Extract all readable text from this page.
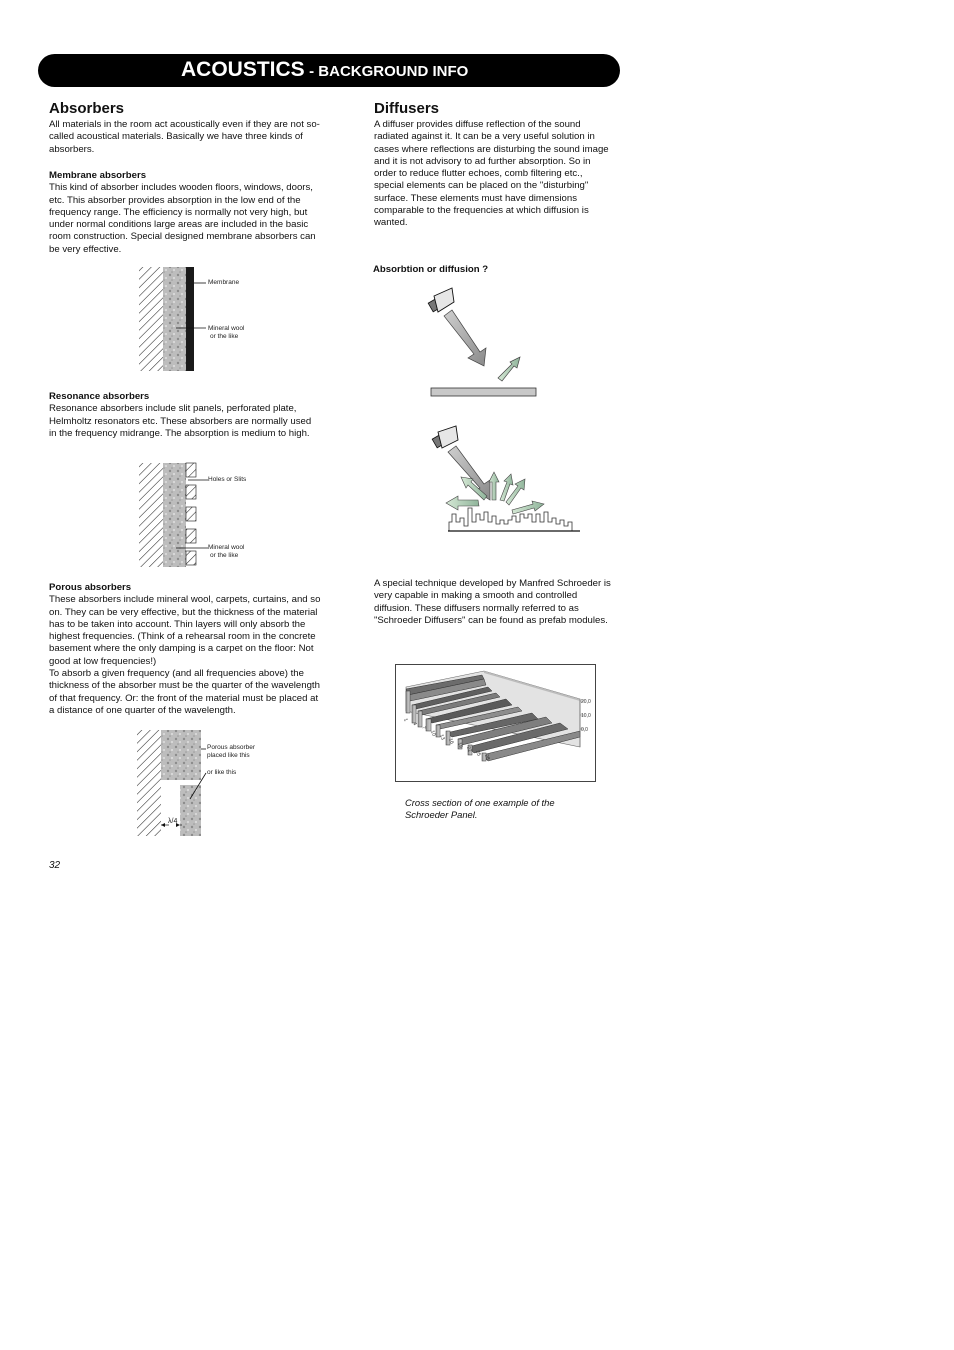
ACOUSTICS - BACKGROUND INFO
Absorbers

All materials in the room act acoustically even if they are not so-called acoustical materials. Basically we have three kinds of absorbers.

Membrane absorbers

This kind of absorber includes wooden floors, windows, doors, etc. This absorber provides absorption in the low end of the frequency range. The efficiency is normally not very high, but under normal conditions large areas are included in the basic room construction. Special designed membrane absorbers can be very effective.

Membrane
Mineral wool
or the like

Resonance absorbers

Resonance absorbers include slit panels, perforated plate, Helmholtz resonators etc. These absorbers are normally used in the frequency midrange. The absorption is medium to high.

Holes or Slits
Mineral wool
or the like

Porous absorbers

These absorbers include mineral wool, carpets, curtains, and so on. They can be very effective, but the thickness of the material has to be taken into account. Thin layers will only absorb the highest frequencies. (Think of a rehearsal room in the concrete basement where the only damping is a carpet on the floor: Not good at low frequencies!)

To absorb a given frequency (and all frequencies above) the thickness of the absorber must be the quarter of the wavelength of that frequency. Or: the front of the material must be placed at a distance of one quarter of the wavelength.

Porous absorber
placed like this
or like this
λ/4
Diffusers

A diffuser provides diffuse reflection of the sound radiated against it. It can be a very useful solution in cases where reflections are disturbing the sound image and it is not advisory to ad further absorption. So in order to reduce flutter echoes, comb filtering etc., special elements can be placed on the "disturbing" surface. These elements must have dimensions comparable to the frequencies at which diffusion is wanted.

Absorbtion or diffusion ?

A special technique developed by Manfred Schroeder is very capable in making a smooth and controlled diffusion. These diffusers normally referred to as "Schroeder Diffusers" can be found as prefab modules.

20,0
10,0
0,0
1
4
7
10
13
16
19
22
25
28
Cross section of one example of the Schroeder Panel.
32
